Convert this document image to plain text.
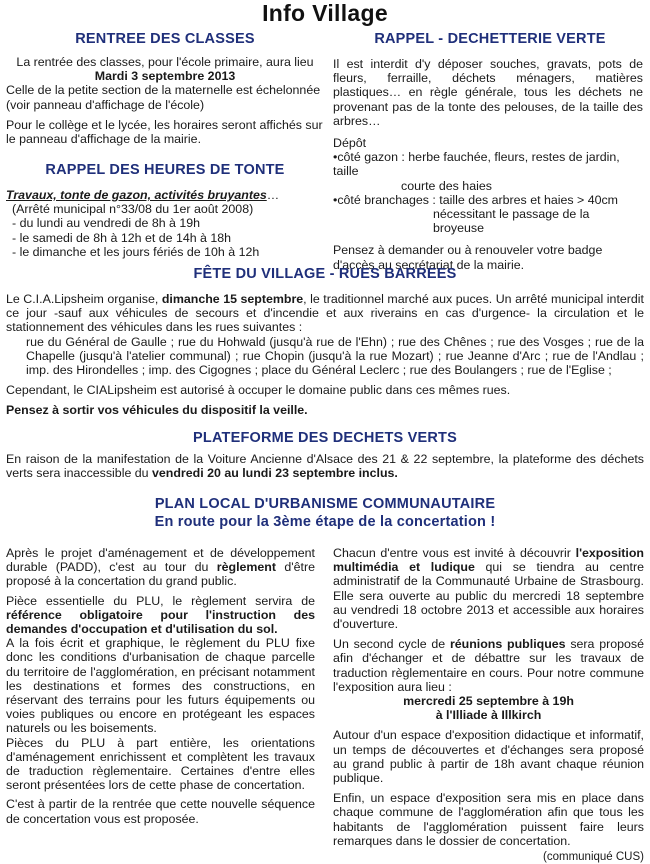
Info Village
RENTREE DES CLASSES

La rentrée des classes, pour l'école primaire, aura lieu

Mardi 3 septembre 2013

Celle de la petite section de la maternelle est échelonnée

(voir panneau d'affichage de l'école)

Pour le collège et le lycée, les horaires seront affichés sur le panneau d'affichage de la mairie.

RAPPEL DES HEURES DE TONTE

Travaux, tonte de gazon, activités bruyantes…

(Arrêté municipal n°33/08 du 1er août 2008)

- du lundi au vendredi de 8h à 19h

- le samedi de 8h à 12h et de 14h à 18h

- le dimanche et les jours fériés de 10h à 12h

RAPPEL - DECHETTERIE VERTE

Il est interdit d'y déposer souches, gravats, pots de fleurs, ferraille, déchets ménagers, matières plastiques… en règle générale, tous les déchets ne provenant pas de la tonte des pelouses, de la taille des arbres…

Dépôt

•côté gazon : herbe fauchée, fleurs, restes de jardin, taille

courte des haies

•côté branchages : taille des arbres et haies > 40cm

nécessitant le passage de la broyeuse

Pensez à demander ou à renouveler votre badge d'accès au secrétariat de la mairie.

FÊTE DU VILLAGE - RUES BARREES

Le C.I.A.Lipsheim organise, dimanche 15 septembre, le traditionnel marché aux puces. Un arrêté municipal interdit ce jour -sauf aux véhicules de secours et d'incendie et aux riverains en cas d'urgence- la circulation et le stationnement des véhicules dans les rues suivantes :

rue du Général de Gaulle ; rue du Hohwald (jusqu'à rue de l'Ehn) ; rue des Chênes ; rue des Vosges ; rue de la Chapelle (jusqu'à l'atelier communal) ; rue Chopin (jusqu'à la rue Mozart) ; rue Jeanne d'Arc ; rue de l'Andlau ; imp. des Hirondelles ; imp. des Cigognes ; place du Général Leclerc ; rue des Boulangers ; rue de l'Eglise ;

Cependant, le CIALipsheim est autorisé à occuper le domaine public dans ces mêmes rues.

Pensez à sortir vos véhicules du dispositif la veille.

PLATEFORME DES DECHETS VERTS

En raison de la manifestation de la Voiture Ancienne d'Alsace des 21 & 22 septembre, la plateforme des déchets verts sera inaccessible du vendredi 20 au lundi 23 septembre inclus.

PLAN LOCAL D'URBANISME COMMUNAUTAIRE
En route pour la 3ème étape de la concertation !

Après le projet d'aménagement et de développement durable (PADD), c'est au tour du règlement d'être proposé à la concertation du grand public.

Pièce essentielle du PLU, le règlement servira de référence obligatoire pour l'instruction des demandes d'occupation et d'utilisation du sol.

A la fois écrit et graphique, le règlement du PLU fixe donc les conditions d'urbanisation de chaque parcelle du territoire de l'agglomération, en précisant notamment les destinations et formes des constructions, en réservant des terrains pour les futurs équipements ou voies publiques ou encore en protégeant les espaces naturels ou les boisements.

Pièces du PLU à part entière, les orientations d'aménagement enrichissent et complètent les travaux de traduction règlementaire. Certaines d'entre elles seront présentées lors de cette phase de concertation.

C'est à partir de la rentrée que cette nouvelle séquence de concertation vous est proposée.

Chacun d'entre vous est invité à découvrir l'exposition multimédia et ludique qui se tiendra au centre administratif de la Communauté Urbaine de Strasbourg. Elle sera ouverte au public du mercredi 18 septembre au vendredi 18 octobre 2013 et accessible aux horaires d'ouverture.

Un second cycle de réunions publiques sera proposé afin d'échanger et de débattre sur les travaux de traduction règlementaire en cours. Pour notre commune l'exposition aura lieu :

mercredi 25 septembre à 19h

à l'Illiade à Illkirch

Autour d'un espace d'exposition didactique et informatif, un temps de découvertes et d'échanges sera proposé au grand public à partir de 18h avant chaque réunion publique.

Enfin, un espace d'exposition sera mis en place dans chaque commune de l'agglomération afin que tous les habitants de l'agglomération puissent faire leurs remarques dans le dossier de concertation.

(communiqué CUS)
